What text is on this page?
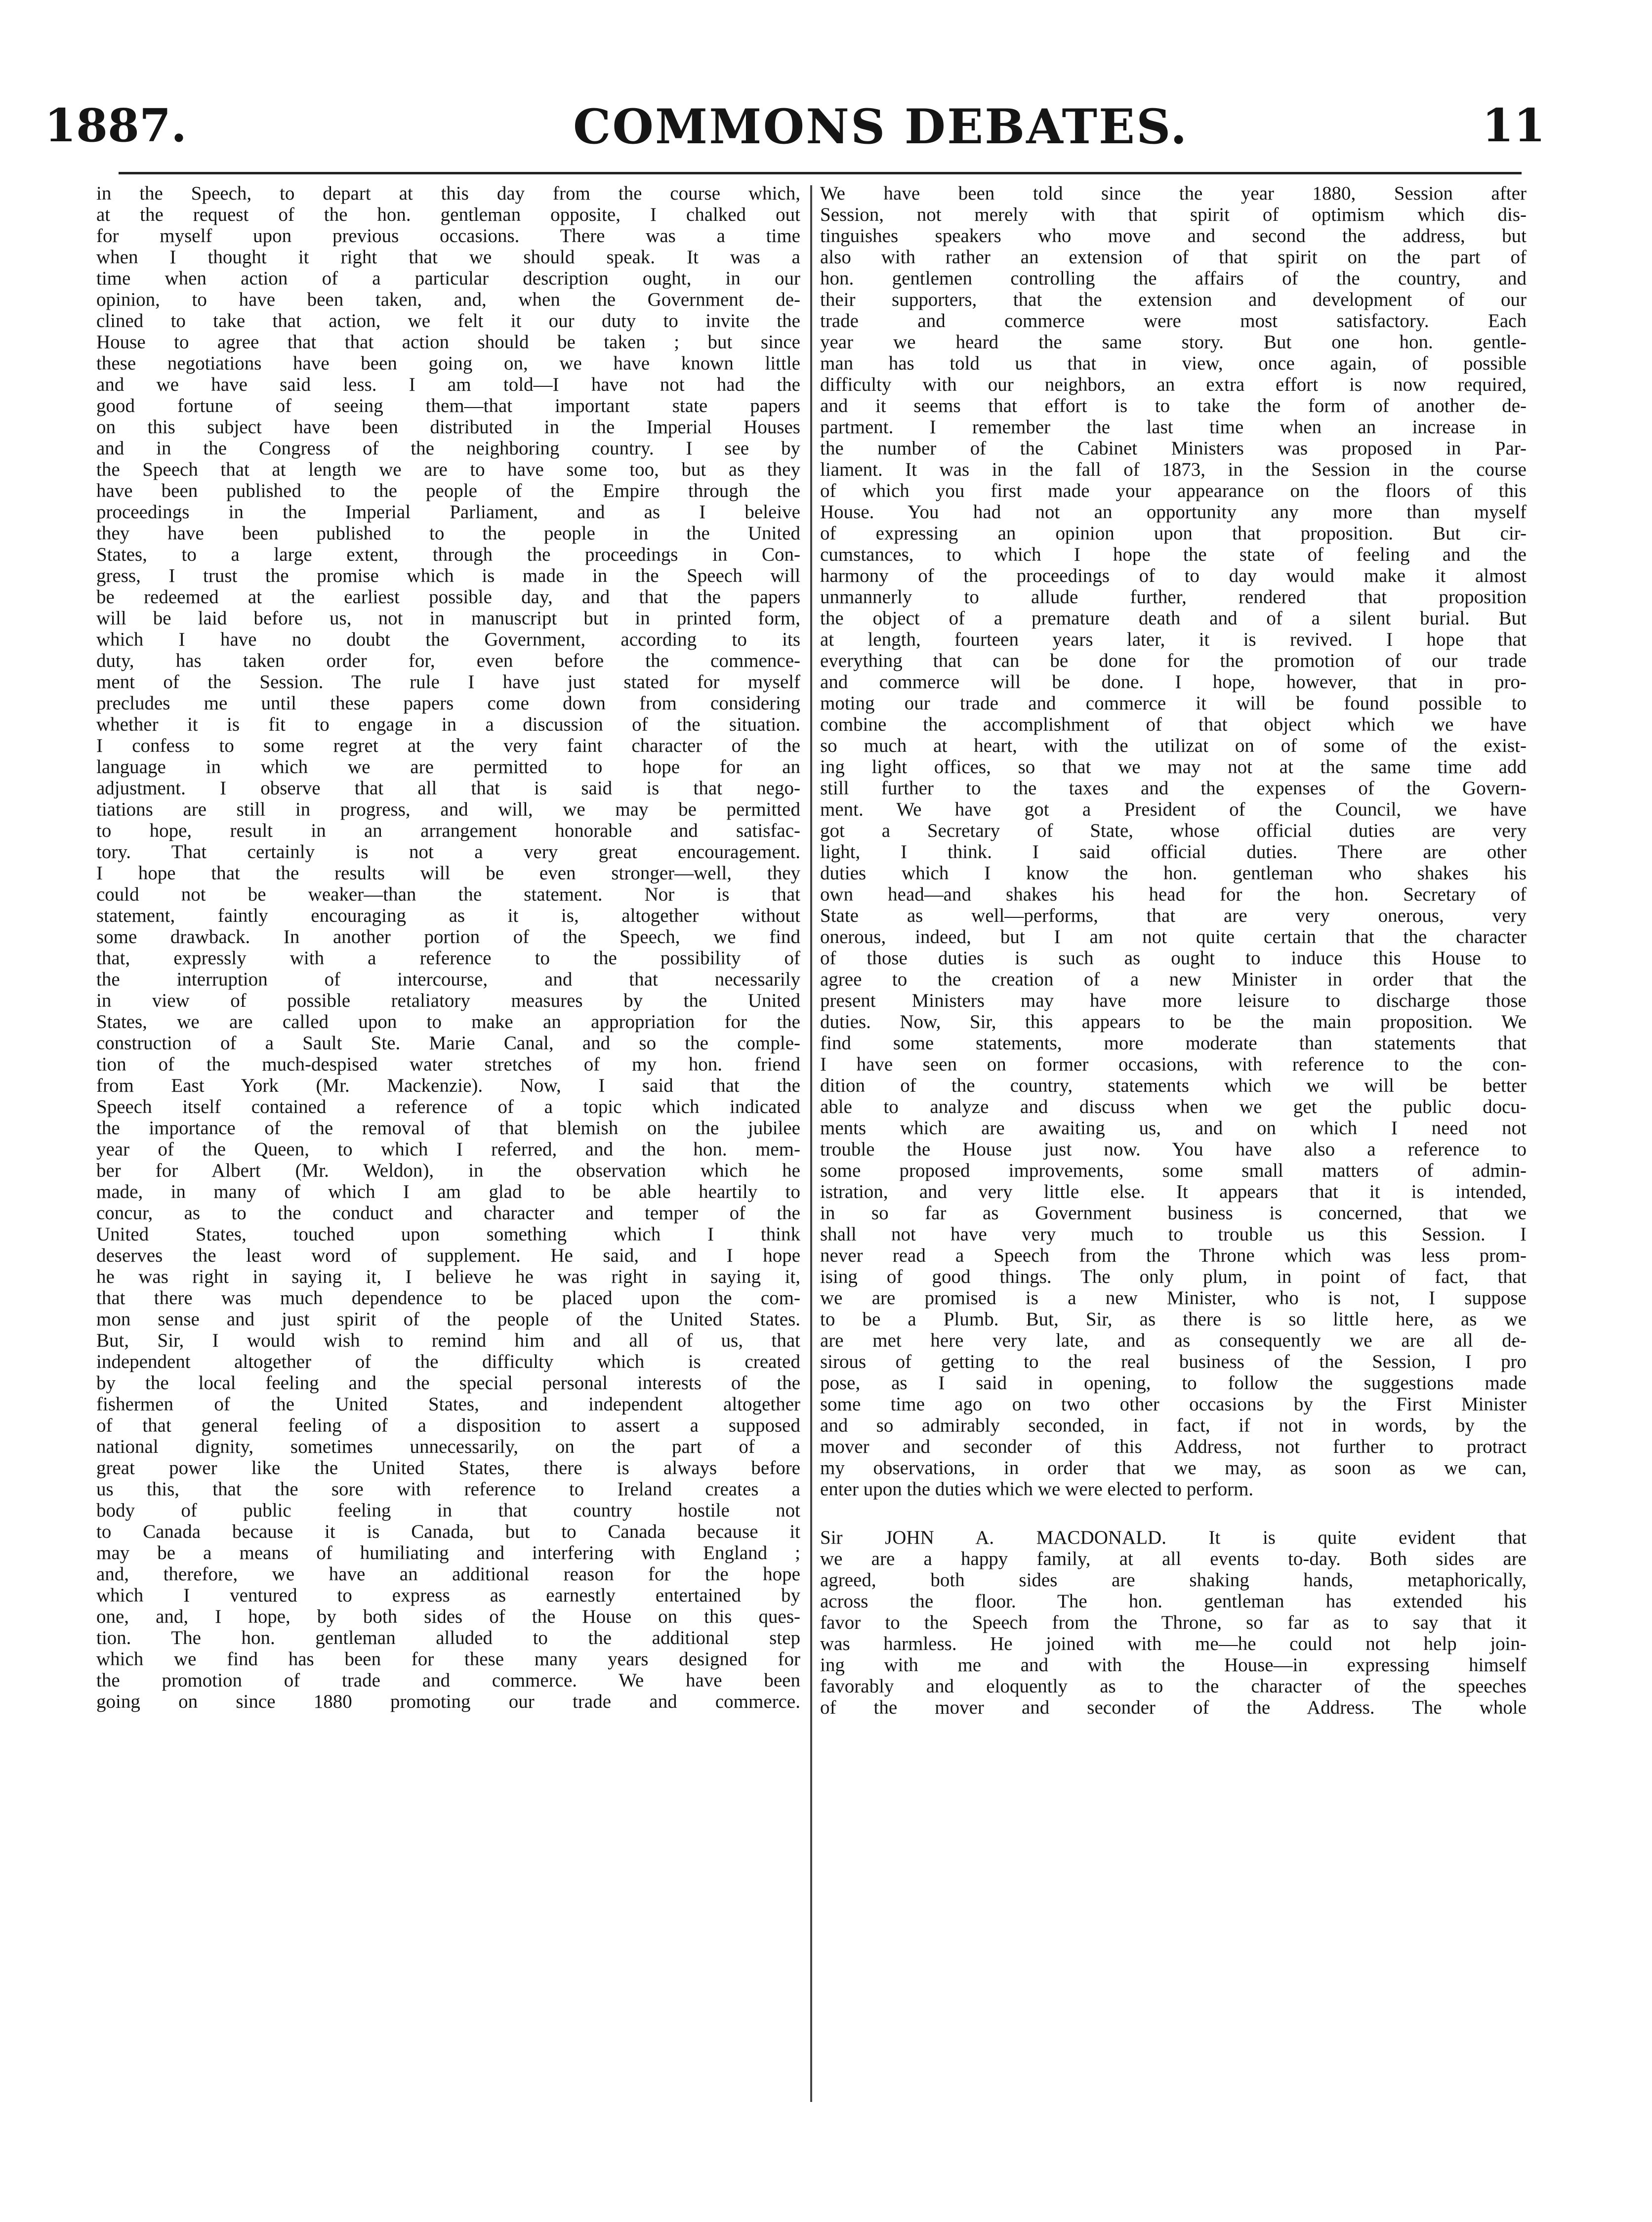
1887.	COMMONS DEBATES.	11
in the Speech, to depart at this day from the course which,
at the request of the hon. gentleman opposite, I chalked out
for myself upon previous occasions. There was a time
when I thought it right that we should speak. It was a
time when action of a particular description ought, in our
opinion, to have been taken, and, when the Government de-
clined to take that action, we felt it our duty to invite the
House to agree that that action should be taken ; but since
these negotiations have been going on, we have known little
and we have said less. I am told—I have not had the
good fortune of seeing them—that important state papers
on this subject have been distributed in the Imperial Houses
and in the Congress of the neighboring country. I see by
the Speech that at length we are to have some too, but as they
have been published to the people of the Empire through the
proceedings in the Imperial Parliament, and as I beleive
they have been published to the people in the United
States, to a large extent, through the proceedings in Con-
gress, I trust the promise which is made in the Speech will
be redeemed at the earliest possible day, and that the papers
will be laid before us, not in manuscript but in printed form,
which I have no doubt the Government, according to its
duty, has taken order for, even before the commence-
ment of the Session. The rule I have just stated for myself
precludes me until these papers come down from considering
whether it is fit to engage in a discussion of the situation.
I confess to some regret at the very faint character of the
language in which we are permitted to hope for an
adjustment. I observe that all that is said is that nego-
tiations are still in progress, and will, we may be permitted
to hope, result in an arrangement honorable and satisfac-
tory. That certainly is not a very great encouragement.
I hope that the results will be even stronger—well, they
could not be weaker—than the statement. Nor is that
statement, faintly encouraging as it is, altogether without
some drawback. In another portion of the Speech, we find
that, expressly with a reference to the possibility of
the interruption of intercourse, and that necessarily
in view of possible retaliatory measures by the United
States, we are called upon to make an appropriation for the
construction of a Sault Ste. Marie Canal, and so the comple-
tion of the much-despised water stretches of my hon. friend
from East York (Mr. Mackenzie). Now, I said that the
Speech itself contained a reference of a topic which indicated
the importance of the removal of that blemish on the jubilee
year of the Queen, to which I referred, and the hon. mem-
ber for Albert (Mr. Weldon), in the observation which he
made, in many of which I am glad to be able heartily to
concur, as to the conduct and character and temper of the
United States, touched upon something which I think
deserves the least word of supplement. He said, and I hope
he was right in saying it, I believe he was right in saying it,
that there was much dependence to be placed upon the com-
mon sense and just spirit of the people of the United States.
But, Sir, I would wish to remind him and all of us, that
independent altogether of the difficulty which is created
by the local feeling and the special personal interests of the
fishermen of the United States, and independent altogether
of that general feeling of a disposition to assert a supposed
national dignity, sometimes unnecessarily, on the part of a
great power like the United States, there is always before
us this, that the sore with reference to Ireland creates a
body of public feeling in that country hostile not
to Canada because it is Canada, but to Canada because it
may be a means of humiliating and interfering with England ;
and, therefore, we have an additional reason for the hope
which I ventured to express as earnestly entertained by
one, and, I hope, by both sides of the House on this ques-
tion. The hon. gentleman alluded to the additional step
which we find has been for these many years designed for
the promotion of trade and commerce. We have been
going on since 1880 promoting our trade and commerce.
We have been told since the year 1880, Session after
Session, not merely with that spirit of optimism which dis-
tinguishes speakers who move and second the address, but
also with rather an extension of that spirit on the part of
hon. gentlemen controlling the affairs of the country, and
their supporters, that the extension and development of our
trade and commerce were most satisfactory. Each
year we heard the same story. But one hon. gentle-
man has told us that in view, once again, of possible
difficulty with our neighbors, an extra effort is now required,
and it seems that effort is to take the form of another de-
partment. I remember the last time when an increase in
the number of the Cabinet Ministers was proposed in Par-
liament. It was in the fall of 1873, in the Session in the course
of which you first made your appearance on the floors of this
House. You had not an opportunity any more than myself
of expressing an opinion upon that proposition. But cir-
cumstances, to which I hope the state of feeling and the
harmony of the proceedings of to day would make it almost
unmannerly to allude further, rendered that proposition
the object of a premature death and of a silent burial. But
at length, fourteen years later, it is revived. I hope that
everything that can be done for the promotion of our trade
and commerce will be done. I hope, however, that in pro-
moting our trade and commerce it will be found possible to
combine the accomplishment of that object which we have
so much at heart, with the utilizat on of some of the exist-
ing light offices, so that we may not at the same time add
still further to the taxes and the expenses of the Govern-
ment. We have got a President of the Council, we have
got a Secretary of State, whose official duties are very
light, I think. I said official duties. There are other
duties which I know the hon. gentleman who shakes his
own head—and shakes his head for the hon. Secretary of
State as well—performs, that are very onerous, very
onerous, indeed, but I am not quite certain that the character
of those duties is such as ought to induce this House to
agree to the creation of a new Minister in order that the
present Ministers may have more leisure to discharge those
duties. Now, Sir, this appears to be the main proposition. We
find some statements, more moderate than statements that
I have seen on former occasions, with reference to the con-
dition of the country, statements which we will be better
able to analyze and discuss when we get the public docu-
ments which are awaiting us, and on which I need not
trouble the House just now. You have also a reference to
some proposed improvements, some small matters of admin-
istration, and very little else. It appears that it is intended,
in so far as Government business is concerned, that we
shall not have very much to trouble us this Session. I
never read a Speech from the Throne which was less prom-
ising of good things. The only plum, in point of fact, that
we are promised is a new Minister, who is not, I suppose
to be a Plumb. But, Sir, as there is so little here, as we
are met here very late, and as consequently we are all de-
sirous of getting to the real business of the Session, I pro
pose, as I said in opening, to follow the suggestions made
some time ago on two other occasions by the First Minister
and so admirably seconded, in fact, if not in words, by the
mover and seconder of this Address, not further to protract
my observations, in order that we may, as soon as we can,
enter upon the duties which we were elected to perform.
Sir JOHN A. MACDONALD. It is quite evident that
we are a happy family, at all events to-day. Both sides are
agreed, both sides are shaking hands, metaphorically,
across the floor. The hon. gentleman has extended his
favor to the Speech from the Throne, so far as to say that it
was harmless. He joined with me—he could not help join-
ing with me and with the House—in expressing himself
favorably and eloquently as to the character of the speeches
of the mover and seconder of the Address. The whole
